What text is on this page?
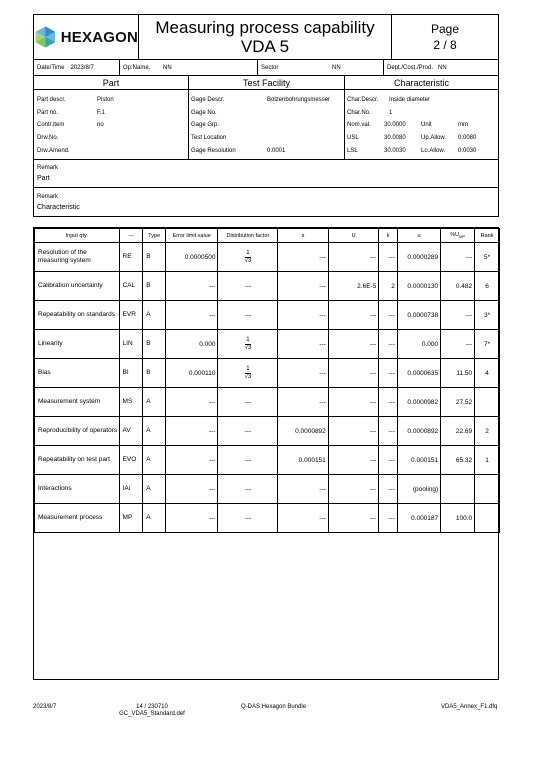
HEXAGON Measuring process capability
VDA 5
Page
2 / 8
Date/Time 2023/8/7	Op.Name.	NN	Sector	NN	Dept./Cost./Prod. NN
Part	Test Facility	Characteristic
Part descr.	Piston
Part no.	F.1
Contr.item	no
Drw.No.
Drw.Amend.
Gage Descr.	Bolzenbohrungsmesser
Gage No.
Gage Grp.
Test Location
Gage Resolution	0.0001
Char.Descr.	Inside diameter
Char.No.	1
Nom.val.	30.0000	Unit	mm
USL	30.0080	Up.Allow.	0.0080
LSL	30.0030	Lo.Allow.	0.0030
Remark
Part
Remark
Characteristic
Input qty.	---	Type	Error limit value	Distribution factor	s	U	k	u	$\%U_{MP}$	Rank
Resolution of the measuring system	RE	B	0.0000500	$\frac{1}{√3}$	---	---	---	0.0000289	---	5*
Calibration uncertainty	CAL	B	---	---	---	2.6E-5	2	0.0000130	0.482	6
Repeatability on standards	EVR	A	---	---	---	---	---	0.0000738	---	3*
Linearity	LIN	B	0.000	$\frac{1}{√3}$	---	---	---	0.000	---	7*
Bias	BI	B	0.000110	$\frac{1}{√3}$	---	---	---	0.0000635	11.50	4
Measurement system	MS	A	---	---	---	---	---	0.0000982	27.52	
Reproducibility of operators	AV	A	---	---	0.0000892	---	---	0.0000892	22.69	2
Repeatability on test part	EVO	A	---	---	0.000151	---	---	0.000151	65.32	1
Interactions	IAi	A	---	---	---	---	---	(pooling)		
Measurement process	MP	A	---	---	---	---	---	0.000187	100.0	
2023/8/7	14 / 230710
GC_VDA5_Standard.def
Q-DAS Hexagon Bundle	VDA5_Annex_F1.dfq
